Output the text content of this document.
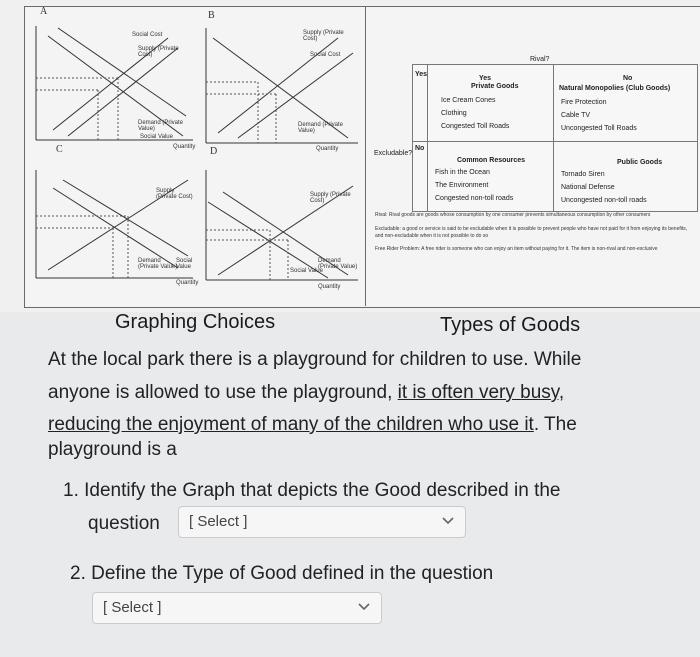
A
Social Cost
Supply (Private Cost)
Demand (Private Value)
Social Value
Quantity
B
Supply (Private Cost)
Social Cost
Demand (Private Value)
Quantity
C
Supply (Private Cost)
Demand (Private Value)
Social Value
Quantity
D
Supply (Private Cost)
Demand (Private Value)
Social Value
Quantity
Rival?
Excludable?
Yes
No
Yes	No
Private Goods
Ice Cream Cones
Clothing
Congested Toll Roads
Natural Monopolies (Club Goods)
Fire Protection
Cable TV
Uncongested Toll Roads
Common Resources
Fish in the Ocean
The Environment
Congested non-toll roads
Public Goods
Tornado Siren
National Defense
Uncongested non-toll roads
Rival: Rival goods are goods whose consumption by one consumer prevents simultaneous consumption by other consumers
Excludable: a good or service is said to be excludable when it is possible to prevent people who have not paid for it from enjoying its benefits, and non-excludable when it is not possible to do so
Free Rider Problem: A free rider is someone who can enjoy an item without paying for it. The item is non-rival and non-exclusive
Graphing Choices	Types of Goods
At the local park there is a playground for children to use. While
anyone is allowed to use the playground, it is often very busy,
reducing the enjoyment of many of the children who use it. The
playground is a
1. Identify the Graph that depicts the Good described in the
question [ Select ]
2. Define the Type of Good defined in the question
[ Select ]
